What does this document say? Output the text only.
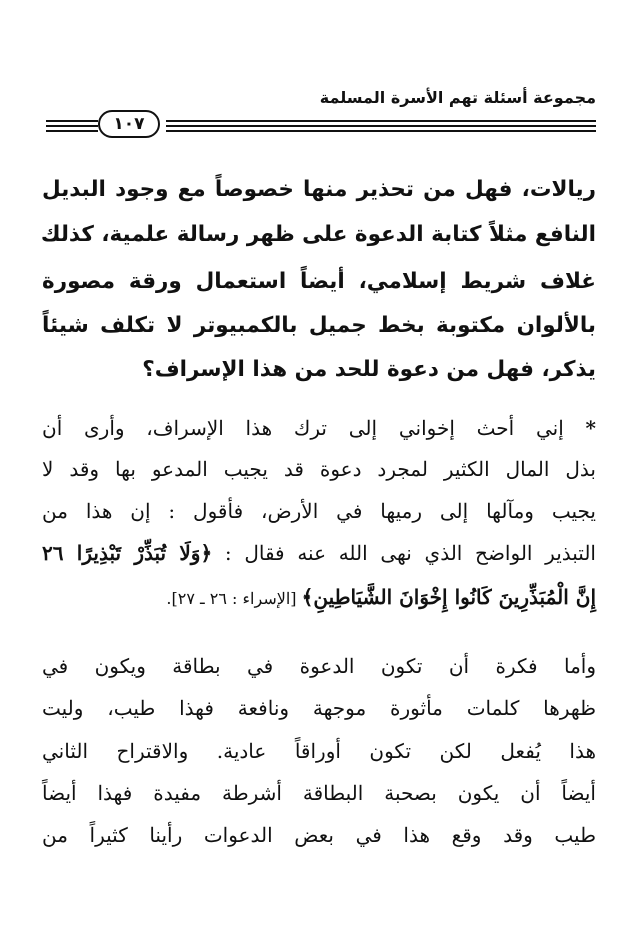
مجموعة أسئلة تهم الأسرة المسلمة
١٠٧
ريالات، فهل من تحذير منها خصوصاً مع وجود البديل
النافع مثلاً كتابة الدعوة على ظهر رسالة علمية، كذلك
غلاف شريط إسلامي، أيضاً استعمال ورقة مصورة
بالألوان مكتوبة بخط جميل بالكمبيوتر لا تكلف شيئاً
يذكر، فهل من دعوة للحد من هذا الإسراف؟
* إني أحث إخواني إلى ترك هذا الإسراف، وأرى أن
بذل المال الكثير لمجرد دعوة قد يجيب المدعو بها وقد لا
يجيب ومآلها إلى رميها في الأرض، فأقول : إن هذا من
التبذير الواضح الذي نهى الله عنه فقال : ﴿وَلَا تُبَذِّرْ تَبْذِيرًا ٢٦
إِنَّ الْمُبَذِّرِينَ كَانُوا إِخْوَانَ الشَّيَاطِينِ﴾ [الإسراء : ٢٦ ـ ٢٧].
وأما فكرة أن تكون الدعوة في بطاقة ويكون في
ظهرها كلمات مأثورة موجهة ونافعة فهذا طيب، وليت
هذا يُفعل لكن تكون أوراقاً عادية. والاقتراح الثاني
أيضاً أن يكون بصحبة البطاقة أشرطة مفيدة فهذا أيضاً
طيب وقد وقع هذا في بعض الدعوات رأينا كثيراً من
